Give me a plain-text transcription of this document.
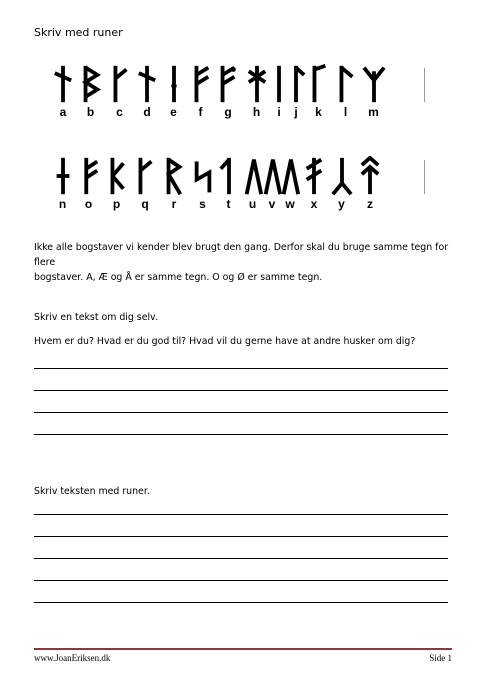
Skriv med runer
a b c d e f g h i j k l m
n o p q r s t u v w x y z
Ikke alle bogstaver vi kender blev brugt den gang. Derfor skal du bruge samme tegn for flere
bogstaver. A, Æ og Å er samme tegn. O og Ø er samme tegn.
Skriv en tekst om dig selv.
Hvem er du? Hvad er du god til? Hvad vil du gerne have at andre husker om dig?
Skriv teksten med runer.
www.JoanEriksen.dk	Side 1
